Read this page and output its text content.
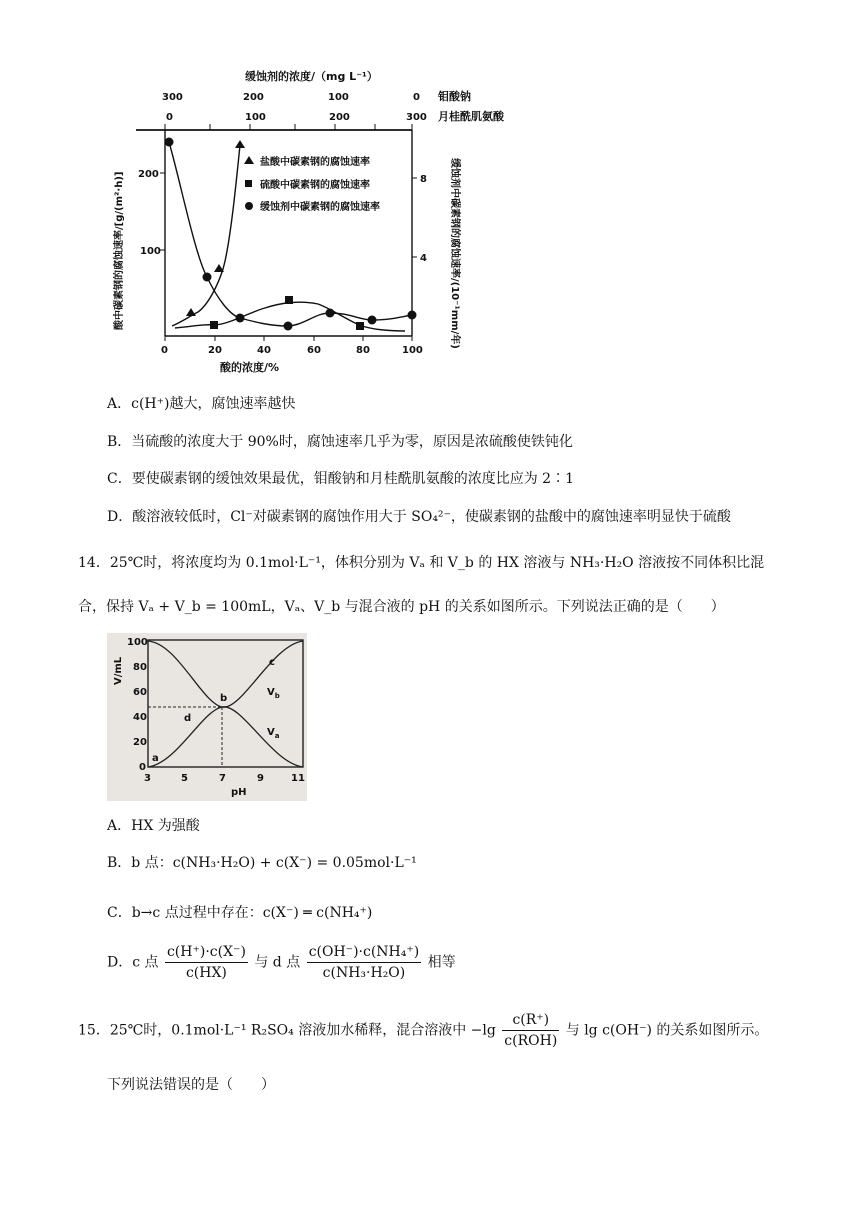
缓蚀剂的浓度/（mg L⁻¹）
300	200	100	0 钼酸钠
0	100	200	300 月桂酰肌氨酸
200
100
8
4
0	20	40	60	80	100
酸的浓度/%
酸中碳素钢的腐蚀速率/[g/(m²·h)]	缓蚀剂中碳素钢的腐蚀速率/(10⁻¹mm/年)
盐酸中碳素钢的腐蚀速率
硫酸中碳素钢的腐蚀速率
缓蚀剂中碳素钢的腐蚀速率
A．c(H⁺)越大，腐蚀速率越快
B．当硫酸的浓度大于 90%时，腐蚀速率几乎为零，原因是浓硫酸使铁钝化
C．要使碳素钢的缓蚀效果最优，钼酸钠和月桂酰肌氨酸的浓度比应为 2∶1
D．酸溶液较低时，Cl⁻对碳素钢的腐蚀作用大于 SO₄²⁻，使碳素钢的盐酸中的腐蚀速率明显快于硫酸
14．25℃时，将浓度均为 0.1mol·L⁻¹，体积分别为 Vₐ 和 V_b 的 HX 溶液与 NH₃·H₂O 溶液按不同体积比混
合，保持 Vₐ + V_b = 100mL，Vₐ、V_b 与混合液的 pH 的关系如图所示。下列说法正确的是（　　）
V/mL
100
80
60
40
20
0
3	5	7	9	11
pH
a
b
c
d
$V_b$
$V_a$
A．HX 为强酸
B．b 点：c(NH₃·H₂O) + c(X⁻) = 0.05mol·L⁻¹
C．b→c 点过程中存在：c(X⁻) ═ c(NH₄⁺)
D．c 点 $\frac{c(H^+)\cdot c(X^-)}{c(HX)}$ 与 d 点 $\frac{\text{c(OH⁻)·c(NH₄⁺)}}{\text{c(NH₃·H₂O)}}$ 相等
15．25℃时，0.1mol·L⁻¹ R₂SO₄ 溶液加水稀释，混合溶液中 $-\lg \frac{c(R^+)}{\text{c(ROH)}}$ 与 lg c(OH⁻) 的关系如图所示。
下列说法错误的是（　　）
